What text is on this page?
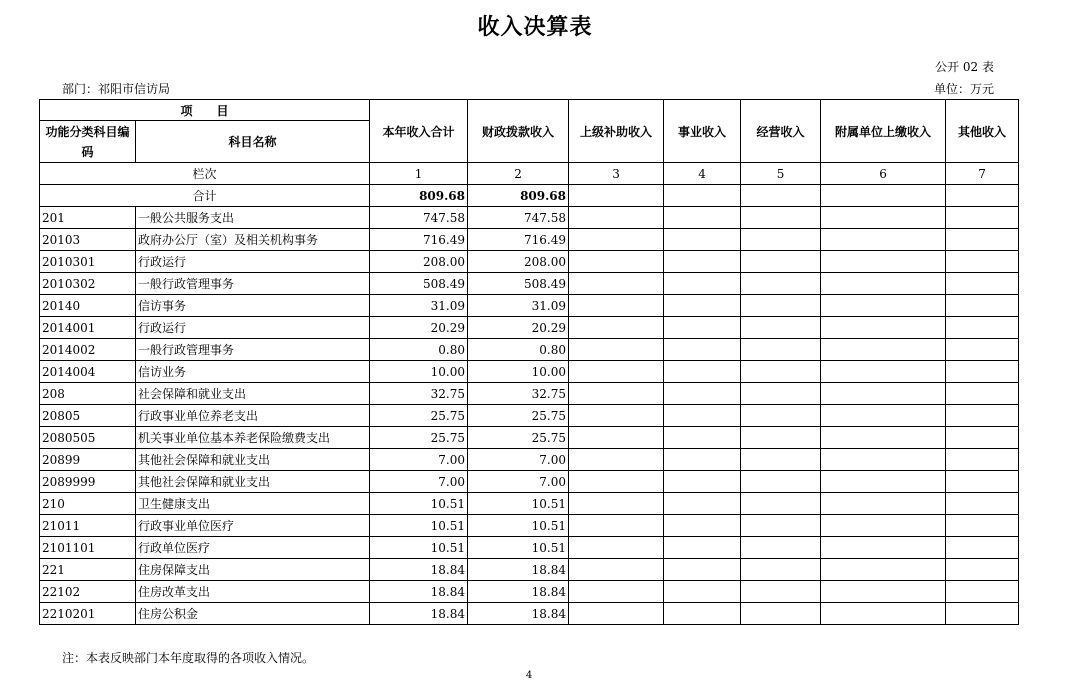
收入决算表
公开 02 表
部门：祁阳市信访局	单位：万元
项　　目		本年收入合计	财政拨款收入	上级补助收入	事业收入	经营收入	附属单位上缴收入	其他收入
功能分类科目编码	科目名称							
栏次		1	2	3	4	5	6	7
合计		809.68	809.68					
201	一般公共服务支出	747.58	747.58					
20103	政府办公厅（室）及相关机构事务	716.49	716.49					
2010301	行政运行	208.00	208.00					
2010302	一般行政管理事务	508.49	508.49					
20140	信访事务	31.09	31.09					
2014001	行政运行	20.29	20.29					
2014002	一般行政管理事务	0.80	0.80					
2014004	信访业务	10.00	10.00					
208	社会保障和就业支出	32.75	32.75					
20805	行政事业单位养老支出	25.75	25.75					
2080505	机关事业单位基本养老保险缴费支出	25.75	25.75					
20899	其他社会保障和就业支出	7.00	7.00					
2089999	其他社会保障和就业支出	7.00	7.00					
210	卫生健康支出	10.51	10.51					
21011	行政事业单位医疗	10.51	10.51					
2101101	行政单位医疗	10.51	10.51					
221	住房保障支出	18.84	18.84					
22102	住房改革支出	18.84	18.84					
2210201	住房公积金	18.84	18.84					
注：本表反映部门本年度取得的各项收入情况。
4
